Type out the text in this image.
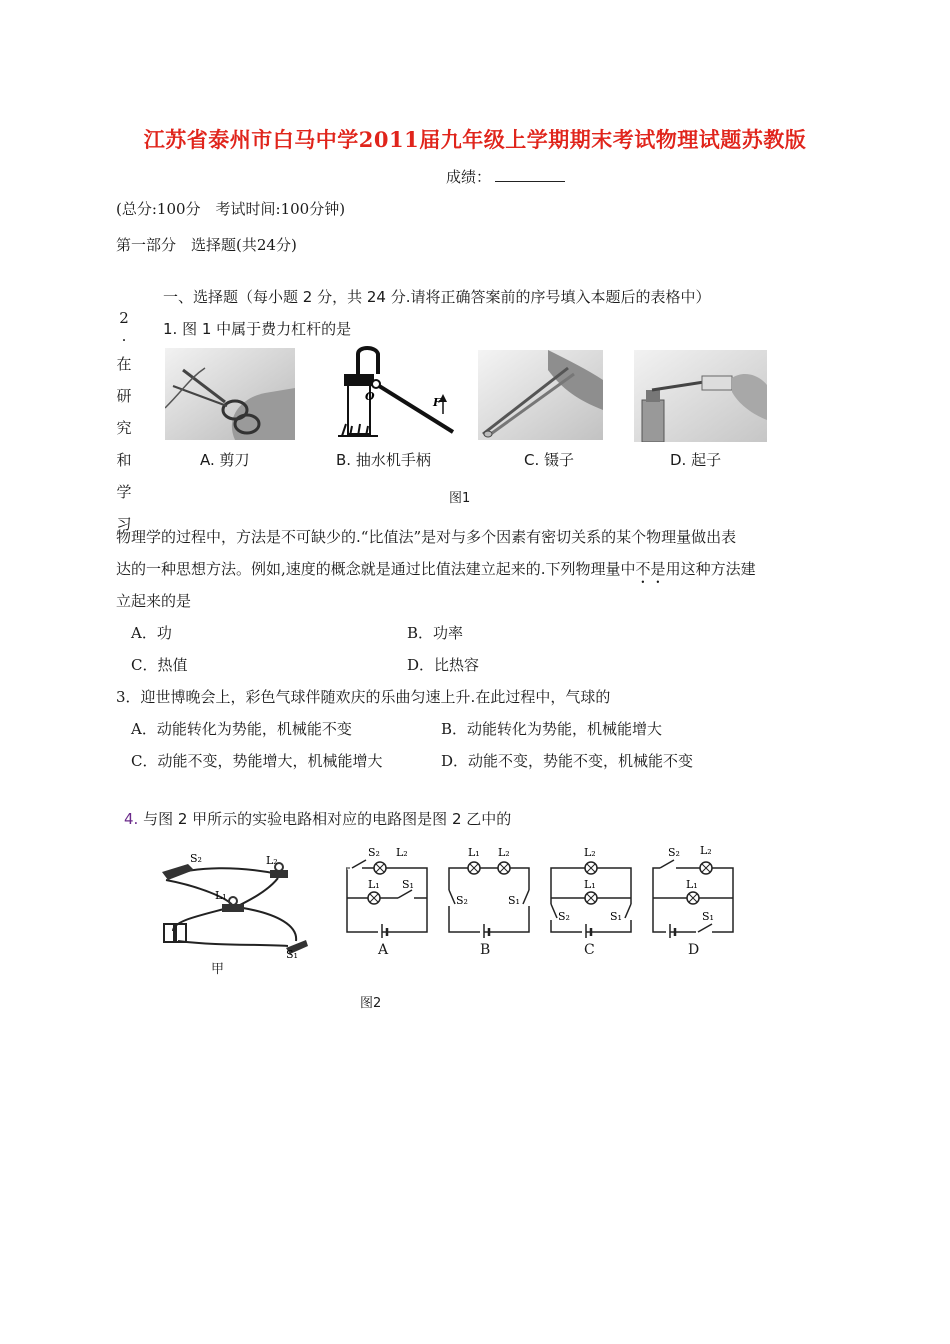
江苏省泰州市白马中学2011届九年级上学期期末考试物理试题苏教版
成绩：
(总分:100分　考试时间:100分钟)
第一部分　选择题(共24分)
一、选择题（每小题 2 分，共 24 分.请将正确答案前的序号填入本题后的表格中）
2
.
在
研
究
和
学
习
1. 图 1 中属于费力杠杆的是
O	F
A. 剪刀	B. 抽水机手柄	C. 镊子	D. 起子
图1
物理学的过程中，方法是不可缺少的.“比值法”是对与多个因素有密切关系的某个物理量做出表
达的一种思想方法。例如,速度的概念就是通过比值法建立起来的.下列物理量中不是用这种方法建
立起来的是
A．功	B．功率
C．热值	D．比热容
3．迎世博晚会上，彩色气球伴随欢庆的乐曲匀速上升.在此过程中，气球的
A．动能转化为势能，机械能不变	B．动能转化为势能，机械能增大
C．动能不变，势能增大，机械能增大	D．动能不变，势能不变，机械能不变
4. 与图 2 甲所示的实验电路相对应的电路图是图 2 乙中的
S₂	L₂
L₁
S₁
甲
S₂ L₂
L₁ S₁
L₁ L₂
S₂	S₁
L₂
L₁
S₂	S₁
S₂ L₂
L₁
S₁
A	B	C	D
图2
